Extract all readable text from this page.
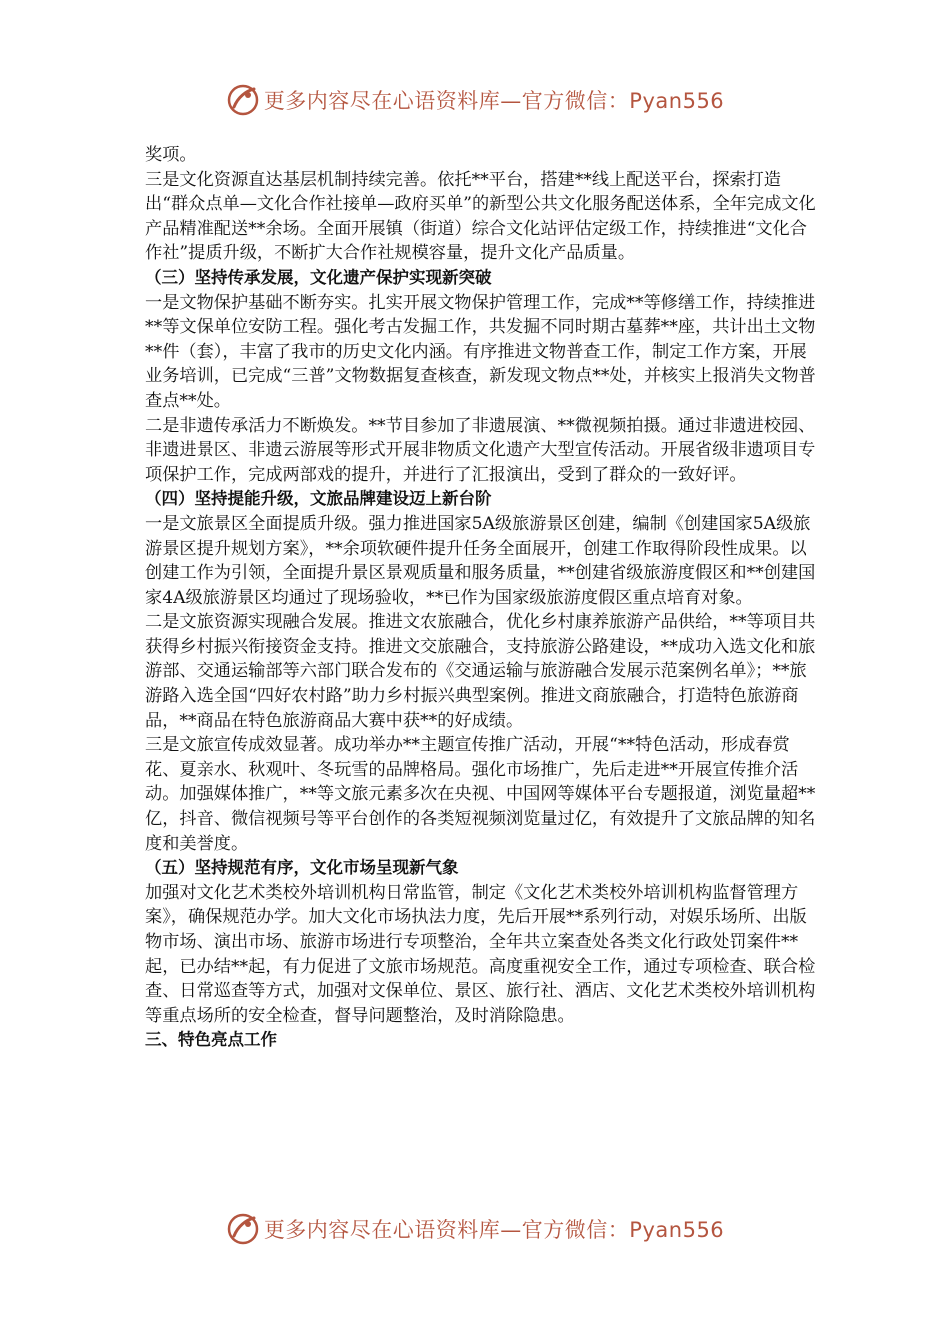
更多内容尽在心语资料库—官方微信：Pyan556

奖项。

三是文化资源直达基层机制持续完善。依托**平台，搭建**线上配送平台，探索打造出“群众点单—文化合作社接单—政府买单”的新型公共文化服务配送体系，全年完成文化产品精准配送**余场。全面开展镇（街道）综合文化站评估定级工作，持续推进“文化合作社”提质升级，不断扩大合作社规模容量，提升文化产品质量。

（三）坚持传承发展，文化遗产保护实现新突破

一是文物保护基础不断夯实。扎实开展文物保护管理工作，完成**等修缮工作，持续推进**等文保单位安防工程。强化考古发掘工作，共发掘不同时期古墓葬**座，共计出土文物**件（套），丰富了我市的历史文化内涵。有序推进文物普查工作，制定工作方案，开展业务培训，已完成“三普”文物数据复查核查，新发现文物点**处，并核实上报消失文物普查点**处。

二是非遗传承活力不断焕发。**节目参加了非遗展演、**微视频拍摄。通过非遗进校园、非遗进景区、非遗云游展等形式开展非物质文化遗产大型宣传活动。开展省级非遗项目专项保护工作，完成两部戏的提升，并进行了汇报演出，受到了群众的一致好评。

（四）坚持提能升级，文旅品牌建设迈上新台阶

一是文旅景区全面提质升级。强力推进国家5A级旅游景区创建，编制《创建国家5A级旅游景区提升规划方案》，**余项软硬件提升任务全面展开，创建工作取得阶段性成果。以创建工作为引领，全面提升景区景观质量和服务质量，**创建省级旅游度假区和**创建国家4A级旅游景区均通过了现场验收，**已作为国家级旅游度假区重点培育对象。

二是文旅资源实现融合发展。推进文农旅融合，优化乡村康养旅游产品供给，**等项目共获得乡村振兴衔接资金支持。推进文交旅融合，支持旅游公路建设，**成功入选文化和旅游部、交通运输部等六部门联合发布的《交通运输与旅游融合发展示范案例名单》；**旅游路入选全国“四好农村路”助力乡村振兴典型案例。推进文商旅融合，打造特色旅游商品，**商品在特色旅游商品大赛中获**的好成绩。

三是文旅宣传成效显著。成功举办**主题宣传推广活动，开展“**特色活动，形成春赏花、夏亲水、秋观叶、冬玩雪的品牌格局。强化市场推广，先后走进**开展宣传推介活动。加强媒体推广，**等文旅元素多次在央视、中国网等媒体平台专题报道，浏览量超**亿，抖音、微信视频号等平台创作的各类短视频浏览量过亿，有效提升了文旅品牌的知名度和美誉度。

（五）坚持规范有序，文化市场呈现新气象

加强对文化艺术类校外培训机构日常监管，制定《文化艺术类校外培训机构监督管理方案》，确保规范办学。加大文化市场执法力度，先后开展**系列行动，对娱乐场所、出版物市场、演出市场、旅游市场进行专项整治，全年共立案查处各类文化行政处罚案件**起，已办结**起，有力促进了文旅市场规范。高度重视安全工作，通过专项检查、联合检查、日常巡查等方式，加强对文保单位、景区、旅行社、酒店、文化艺术类校外培训机构等重点场所的安全检查，督导问题整治，及时消除隐患。

三、特色亮点工作

更多内容尽在心语资料库—官方微信：Pyan556
